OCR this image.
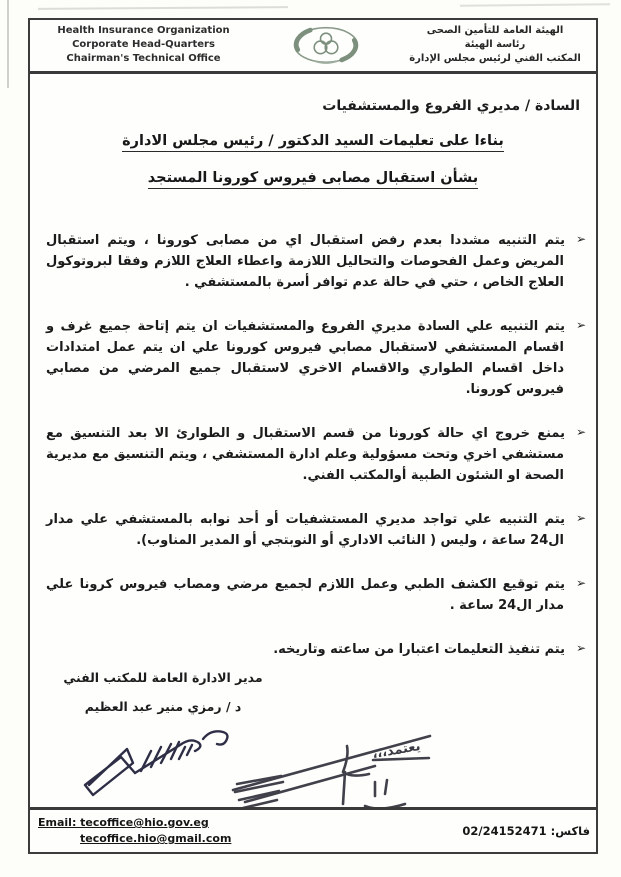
Health Insurance Organization
Corporate Head-Quarters
Chairman's Technical Office
الهيئة العامة للتأمين الصحى
رئاسة الهيئة
المكتب الفني لرئيس مجلس الإدارة
السادة / مديري الفروع والمستشفيات
بناءا على تعليمات السيد الدكتور / رئيس مجلس الادارة
بشأن استقبال مصابى فيروس كورونا المستجد
➢يتم التنبيه مشددا بعدم رفض استقبال اي من مصابى كورونا ، ويتم استقبال المريض وعمل الفحوصات والتحاليل اللازمة واعطاء العلاج اللازم وفقا لبروتوكول العلاج الخاص ، حتي في حالة عدم توافر أسرة بالمستشفي .
➢يتم التنبيه علي السادة مديري الفروع والمستشفيات ان يتم إتاحة جميع غرف و اقسام المستشفي لاستقبال مصابي فيروس كورونا علي ان يتم عمل امتدادات داخل اقسام الطواري والاقسام الاخري لاستقبال جميع المرضي من مصابي فيروس كورونا.
➢يمنع خروج اي حالة كورونا من قسم الاستقبال و الطوارئ الا بعد التنسيق مع مستشفي اخري وتحت مسؤولية وعلم ادارة المستشفي ، ويتم التنسيق مع مديرية الصحة او الشئون الطبية أوالمكتب الفني.
➢يتم التنبيه علي تواجد مديري المستشفيات أو أحد نوابه بالمستشفي علي مدار ال24 ساعة ، وليس ( النائب الاداري أو النوبتجي أو المدير المناوب).
➢يتم توقيع الكشف الطبي وعمل اللازم لجميع مرضي ومصاب فيروس كرونا علي مدار ال24 ساعة .
➢يتم تنفيذ التعليمات اعتبارا من ساعته وتاريخه.
مدير الادارة العامة للمكتب الفني
د / رمزي منير عبد العظيم
يعتمد،،،
Email: tecoffice@hio.gov.eg
tecoffice.hio@gmail.com
فاكس: 02/24152471
